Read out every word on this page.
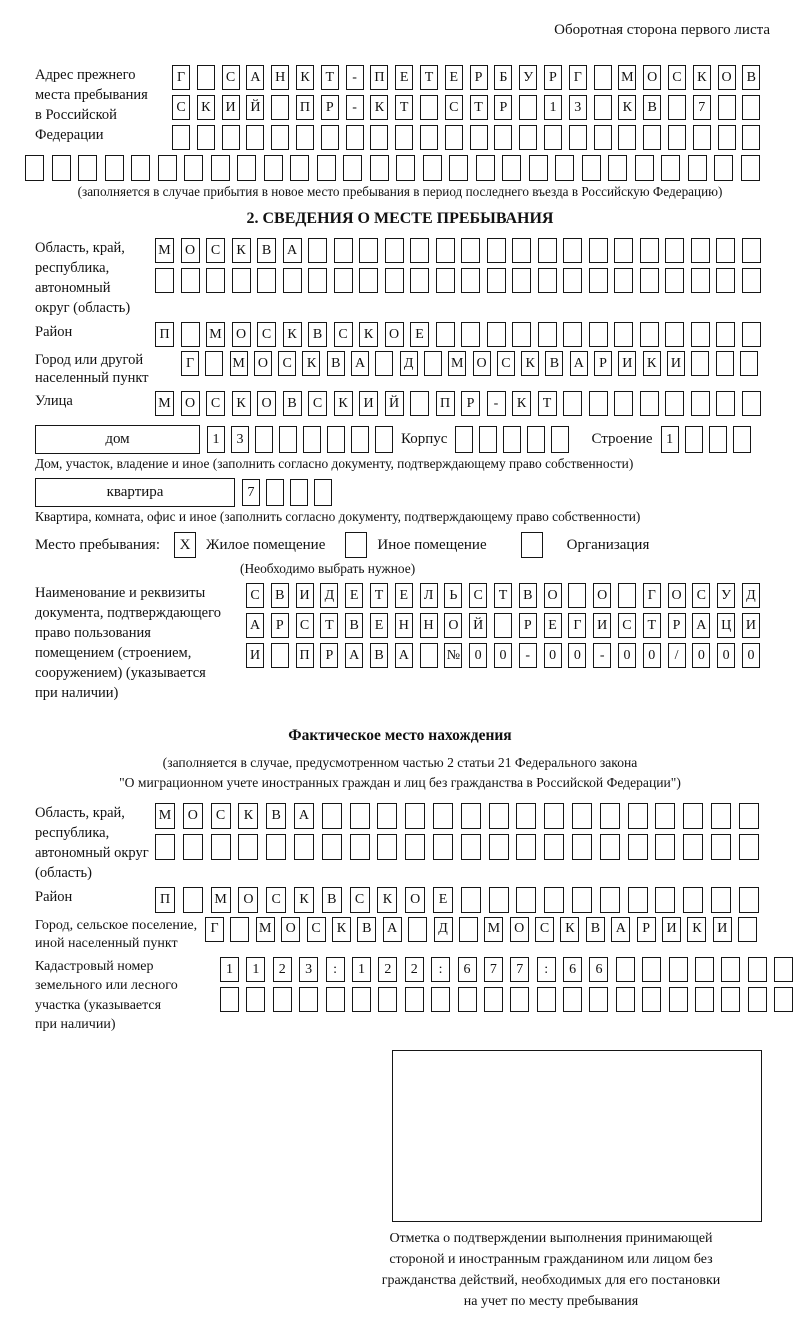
Оборотная сторона первого листа
Адрес прежнего
места пребывания
в Российской
Федерации
Г	С	А Н	К	Т	-	П	Е	Т	Е	Р	Б	У	Р	Г	М О	С	К	О	В
С	К	И Й	П	Р	-	К	Т	С	Т	Р	1	3	К	В	7
(заполняется в случае прибытия в новое место пребывания в период последнего въезда в Российскую Федерацию)
2. СВЕДЕНИЯ О МЕСТЕ ПРЕБЫВАНИЯ
Область, край,
республика,
автономный
округ (область)
М	О	С	К	В	А
Район	П	М	О	С	К	В	С	К	О	Е
Город или другой
населенный пункт
Г	М О	С	К	В	А	Д	М О	С	К	В	А	Р	И	К	И
Улица	М	О	С	К	О	В	С	К	И	Й	П	Р	-	К	Т
дом	1	3	Корпус	Строение 1
Дом, участок, владение и иное (заполнить согласно документу, подтверждающему право собственности)
квартира	7
Квартира, комната, офис и иное (заполнить согласно документу, подтверждающему право собственности)
Место пребывания:	X	Жилое помещение	Иное помещение	Организация
(Необходимо выбрать нужное)
Наименование и реквизиты
документа, подтверждающего
право пользования
помещением (строением,
сооружением) (указывается
при наличии)
С	В	И	Д	Е	Т	Е	Л	Ь	С	Т	В	О	О	Г	О	С	У	Д
А	Р	С	Т	В	Е	Н Н О Й	Р	Е	Г	И	С	Т	Р	А Ц И
И	П	Р	А	В	А	№	0	0	-	0	0	-	0	0	/	0	0	0
Фактическое место нахождения
(заполняется в случае, предусмотренном частью 2 статьи 21 Федерального закона
"О миграционном учете иностранных граждан и лиц без гражданства в Российской Федерации")
Область, край,
республика,
автономный округ
(область)
М	О	С	К	В	А
Район	П	М	О	С	К	В	С	К	О	Е
Город, сельское поселение,
иной населенный пункт
Г	М	О	С	К	В	А	Д	М	О	С	К	В	А	Р	И	К	И
Кадастровый номер
земельного или лесного
участка (указывается
при наличии)
1	1	2	3	:	1	2	2	:	6	7	7	:	6	6
Отметка о подтверждении выполнения принимающей
стороной и иностранным гражданином или лицом без
гражданства действий, необходимых для его постановки
на учет по месту пребывания
